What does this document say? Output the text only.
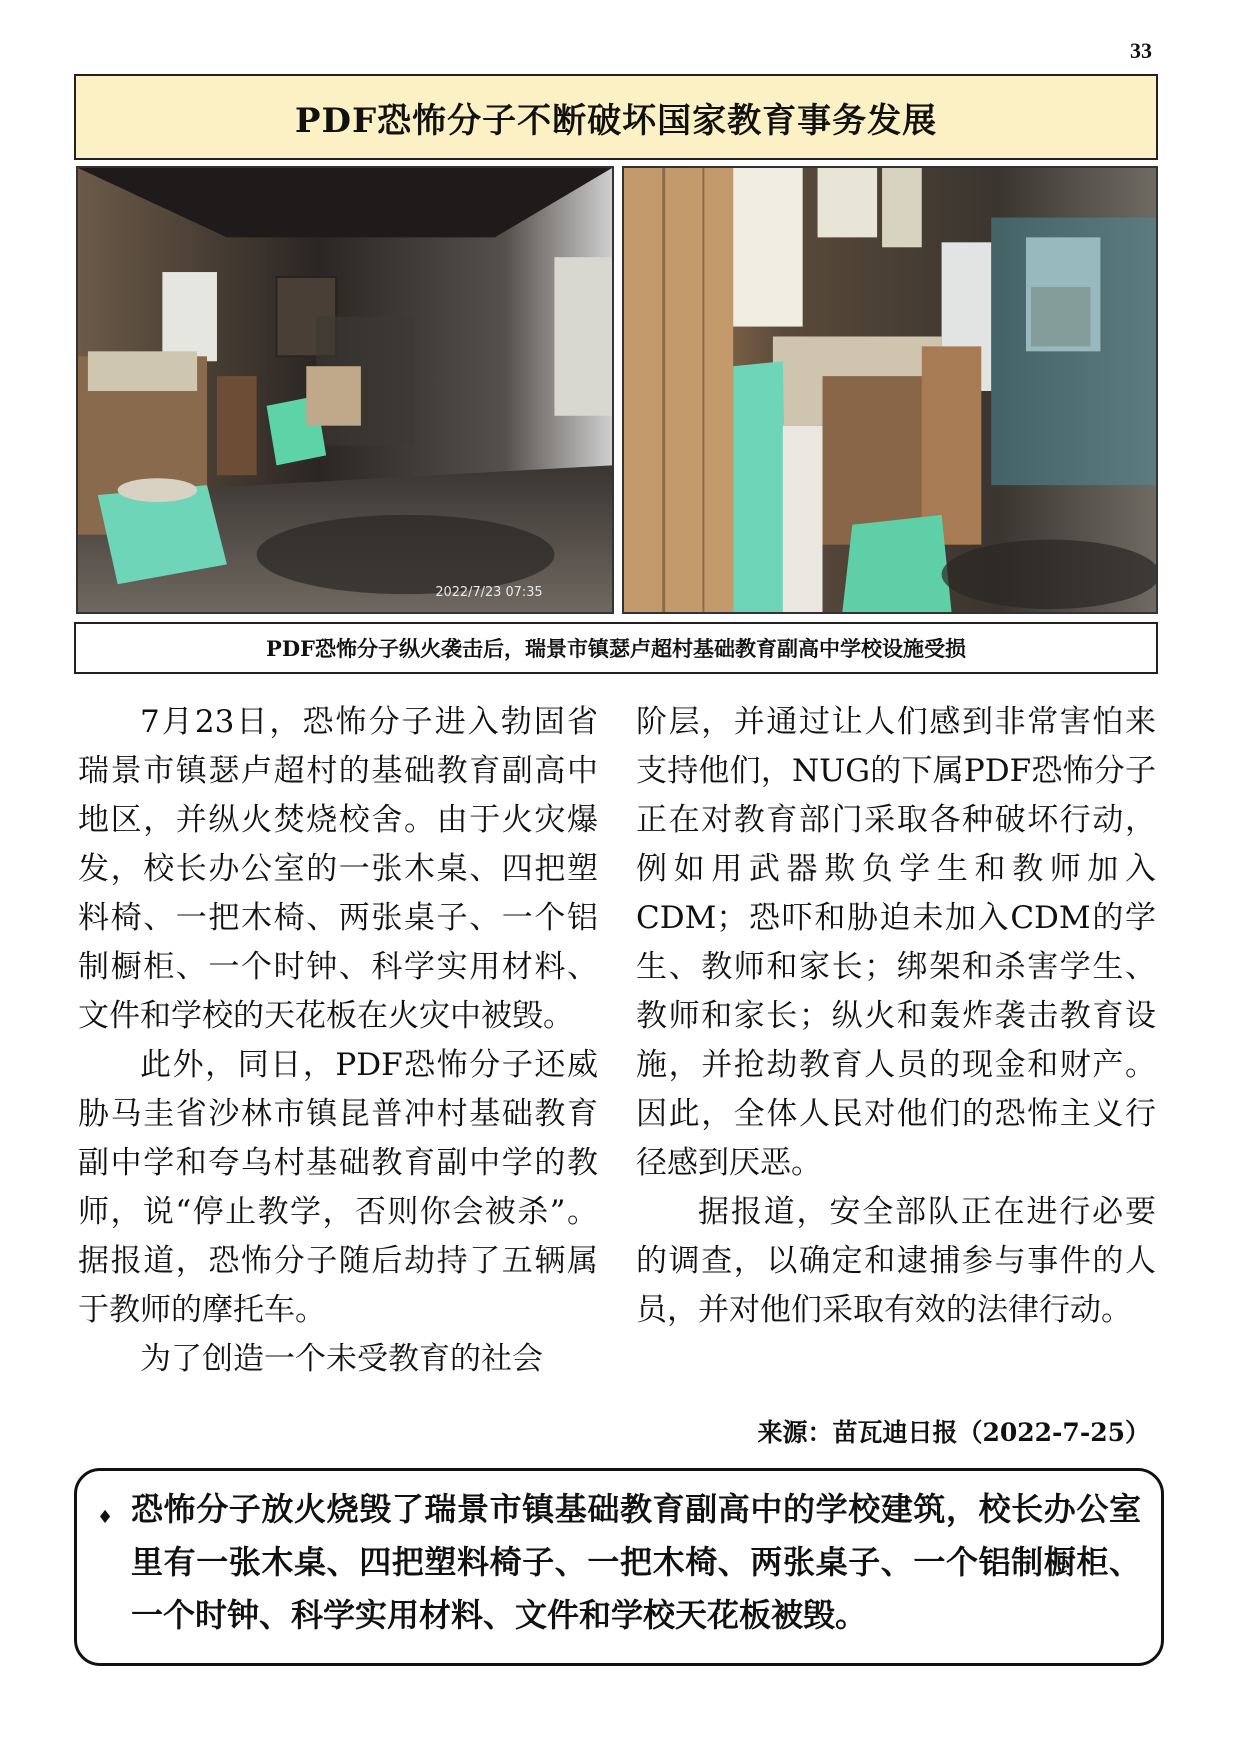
33
PDF恐怖分子不断破坏国家教育事务发展
2022/7/23 07:35
PDF恐怖分子纵火袭击后，瑞景市镇瑟卢超村基础教育副高中学校设施受损

7月23日，恐怖分子进入勃固省瑞景市镇瑟卢超村的基础教育副高中地区，并纵火焚烧校舍。由于火灾爆发，校长办公室的一张木桌、四把塑料椅、一把木椅、两张桌子、一个铝制橱柜、一个时钟、科学实用材料、文件和学校的天花板在火灾中被毁。

此外，同日，PDF恐怖分子还威胁马圭省沙林市镇昆普冲村基础教育副中学和夸乌村基础教育副中学的教师，说“停止教学，否则你会被杀”。据报道，恐怖分子随后劫持了五辆属于教师的摩托车。

为了创造一个未受教育的社会

阶层，并通过让人们感到非常害怕来支持他们，NUG的下属PDF恐怖分子正在对教育部门采取各种破坏行动，例如用武器欺负学生和教师加入CDM；恐吓和胁迫未加入CDM的学生、教师和家长；绑架和杀害学生、教师和家长；纵火和轰炸袭击教育设施，并抢劫教育人员的现金和财产。因此，全体人民对他们的恐怖主义行径感到厌恶。

据报道，安全部队正在进行必要的调查，以确定和逮捕参与事件的人员，并对他们采取有效的法律行动。

来源：苗瓦迪日报（2022-7-25）
♦ 恐怖分子放火烧毁了瑞景市镇基础教育副高中的学校建筑，校长办公室里有一张木桌、四把塑料椅子、一把木椅、两张桌子、一个铝制橱柜、一个时钟、科学实用材料、文件和学校天花板被毁。
